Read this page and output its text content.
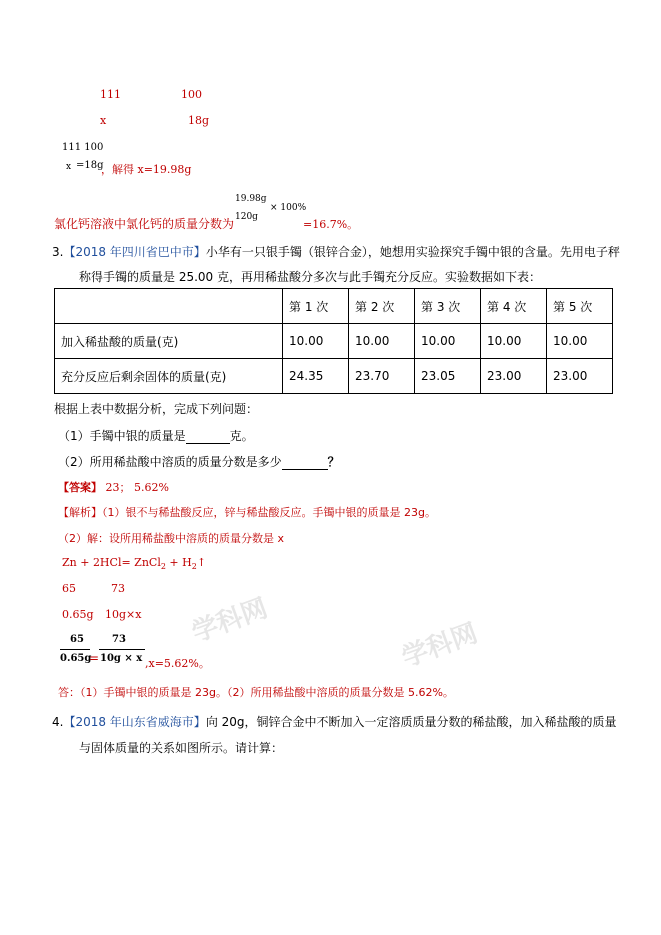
111	100
x	18g
111 100
x =18g
，解得 x=19.98g
19.98g
× 100%
120g
氯化钙溶液中氯化钙的质量分数为	=16.7%。
3.【2018 年四川省巴中市】小华有一只银手镯（银锌合金），她想用实验探究手镯中银的含量。先用电子秤
称得手镯的质量是 25.00 克，再用稀盐酸分多次与此手镯充分反应。实验数据如下表：
	第 1 次	第 2 次	第 3 次	第 4 次	第 5 次
加入稀盐酸的质量(克)	10.00	10.00	10.00	10.00	10.00
充分反应后剩余固体的质量(克)	24.35	23.70	23.05	23.00	23.00
根据上表中数据分析，完成下列问题：
（1）手镯中银的质量是	克。
（2）所用稀盐酸中溶质的质量分数是多少	？
【答案】 23； 5.62%
【解析】（1）银不与稀盐酸反应，锌与稀盐酸反应。手镯中银的质量是 23g。
（2）解：设所用稀盐酸中溶质的质量分数是 x
Zn + 2HCl= ZnCl$_2$ + $H_2↑$
65	73
0.65g 10g×x 学科网	学科网
65	73
0.65g
= 10g × x ,x=5.62%。
答：（1）手镯中银的质量是 23g。（2）所用稀盐酸中溶质的质量分数是 5.62%。
4.【2018 年山东省威海市】向 20g，铜锌合金中不断加入一定溶质质量分数的稀盐酸，加入稀盐酸的质量
与固体质量的关系如图所示。请计算：
